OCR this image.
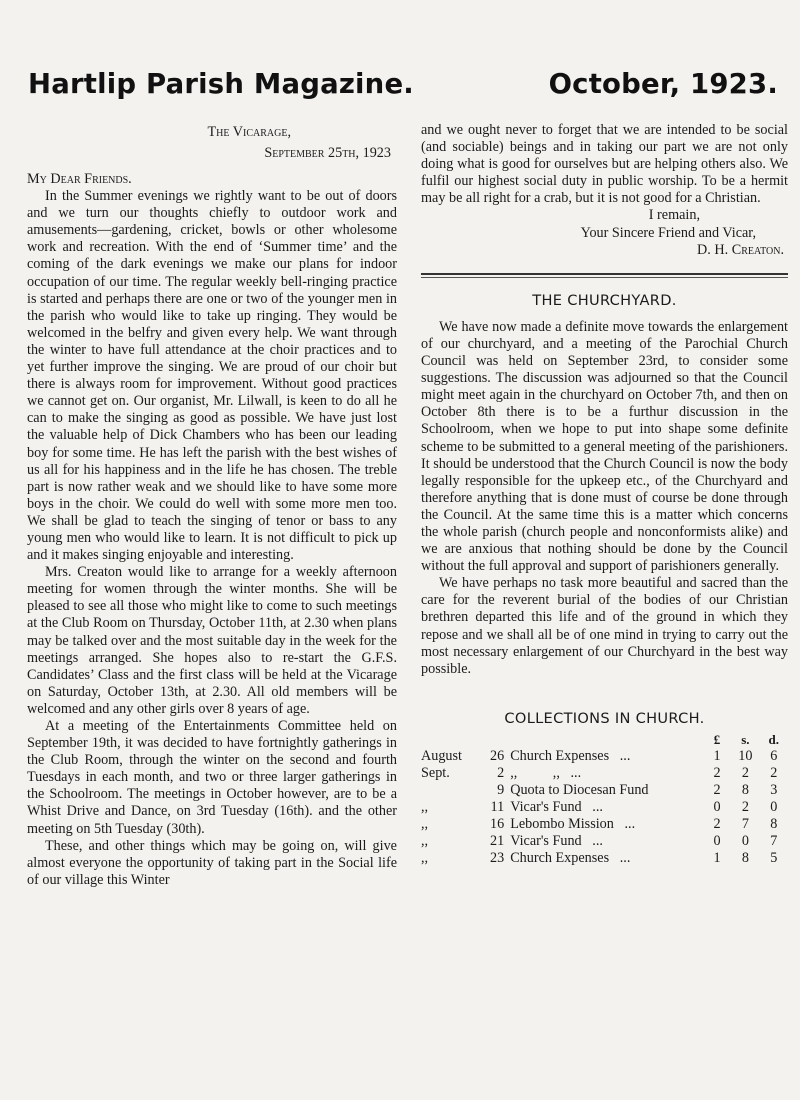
Hartlip Parish Magazine.	October, 1923.
The Vicarage,
September 25th, 1923

My Dear Friends.

In the Summer evenings we rightly want to be out of doors and we turn our thoughts chiefly to outdoor work and amusements—gardening, cricket, bowls or other wholesome work and recreation. With the end of ‘Summer time’ and the coming of the dark evenings we make our plans for indoor occupation of our time. The regular weekly bell-ringing practice is started and perhaps there are one or two of the younger men in the parish who would like to take up ringing. They would be welcomed in the belfry and given every help. We want through the winter to have full attendance at the choir practices and to yet further improve the singing. We are proud of our choir but there is always room for improvement. Without good practices we cannot get on. Our organist, Mr. Lilwall, is keen to do all he can to make the singing as good as possible. We have just lost the valuable help of Dick Chambers who has been our leading boy for some time. He has left the parish with the best wishes of us all for his happiness and in the life he has chosen. The treble part is now rather weak and we should like to have some more boys in the choir. We could do well with some more men too. We shall be glad to teach the singing of tenor or bass to any young men who would like to learn. It is not difficult to pick up and it makes singing enjoyable and interesting.

Mrs. Creaton would like to arrange for a weekly afternoon meeting for women through the winter months. She will be pleased to see all those who might like to come to such meetings at the Club Room on Thursday, October 11th, at 2.30 when plans may be talked over and the most suitable day in the week for the meetings arranged. She hopes also to re-start the G.F.S. Candidates’ Class and the first class will be held at the Vicarage on Saturday, October 13th, at 2.30. All old members will be welcomed and any other girls over 8 years of age.

At a meeting of the Entertainments Committee held on September 19th, it was decided to have fortnightly gatherings in the Club Room, through the winter on the second and fourth Tuesdays in each month, and two or three larger gatherings in the Schoolroom. The meetings in October however, are to be a Whist Drive and Dance, on 3rd Tuesday (16th). and the other meeting on 5th Tuesday (30th).

These, and other things which may be going on, will give almost everyone the opportunity of taking part in the Social life of our village this Winter

and we ought never to forget that we are intended to be social (and sociable) beings and in taking our part we are not only doing what is good for ourselves but are helping others also. We fulfil our highest social duty in public worship. To be a hermit may be all right for a crab, but it is not good for a Christian.

I remain,
Your Sincere Friend and Vicar,
D. H. Creaton.
THE CHURCHYARD.

We have now made a definite move towards the enlargement of our churchyard, and a meeting of the Parochial Church Council was held on September 23rd, to consider some suggestions. The discussion was adjourned so that the Council might meet again in the churchyard on October 7th, and then on October 8th there is to be a furthur discussion in the Schoolroom, when we hope to put into shape some definite scheme to be submitted to a general meeting of the parishioners. It should be understood that the Church Council is now the body legally responsible for the upkeep etc., of the Churchyard and therefore anything that is done must of course be done through the Council. At the same time this is a matter which concerns the whole parish (church people and nonconformists alike) and we are anxious that nothing should be done by the Council without the full approval and support of parishioners generally.

We have perhaps no task more beautiful and sacred than the care for the reverent burial of the bodies of our Christian brethren departed this life and of the ground in which they repose and we shall all be of one mind in trying to carry out the most necessary enlargement of our Churchyard in the best way possible.

COLLECTIONS IN CHURCH.
			£	s.	d.
August	26	Church Expenses   ...	1	10	6
Sept.	2	,,          ,,   ...	2	2	2
	9	Quota to Diocesan Fund	2	8	3
,,	11	Vicar's Fund   ...	0	2	0
,,	16	Lebombo Mission   ...	2	7	8
,,	21	Vicar's Fund   ...	0	0	7
,,	23	Church Expenses   ...	1	8	5
